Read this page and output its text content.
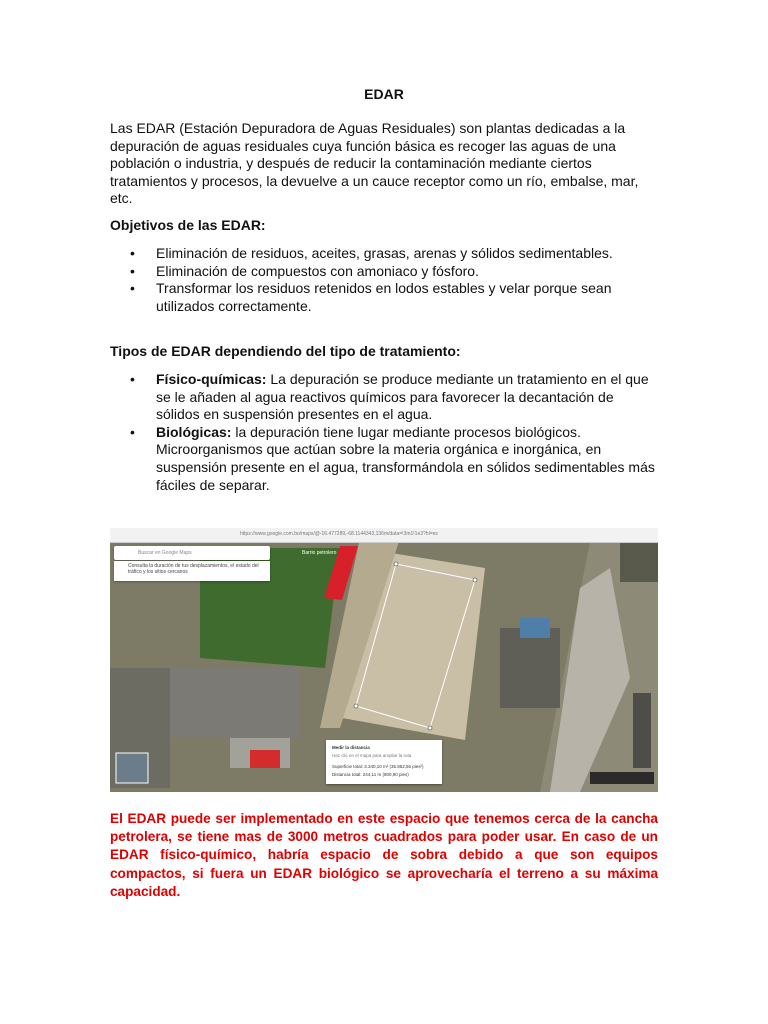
EDAR

Las EDAR (Estación Depuradora de Aguas Residuales) son plantas dedicadas a la depuración de aguas residuales cuya función básica es recoger las aguas de una población o industria, y después de reducir la contaminación mediante ciertos tratamientos y procesos, la devuelve a un cauce receptor como un río, embalse, mar, etc.

Objetivos de las EDAR:

• Eliminación de residuos, aceites, grasas, arenas y sólidos sedimentables.
• Eliminación de compuestos con amoniaco y fósforo.
• Transformar los residuos retenidos en lodos estables y velar porque sean utilizados correctamente.

Tipos de EDAR dependiendo del tipo de tratamiento:

• Físico-químicas: La depuración se produce mediante un tratamiento en el que se le añaden al agua reactivos químicos para favorecer la decantación de sólidos en suspensión presentes en el agua.
• Biológicas: la depuración tiene lugar mediante procesos biológicos. Microorganismos que actúan sobre la materia orgánica e inorgánica, en suspensión presente en el agua, transformándola en sólidos sedimentables más fáciles de separar.
https://www.google.com.bo/maps/@-16.477289,-68.1144343,136m/data=!3m1!1e3?hl=es
Buscar en Google Maps
Consulta la duración de tus desplazamientos, el estado del tráfico y los sitios cercanos
Barrio petrolero
Medir la distancia
Haz clic en el mapa para ampliar la ruta
Superficie total: 3.340,10 m² (35.952,56 pies²)
Distancia total: 244,11 m (800,90 pies)

El EDAR puede ser implementado en este espacio que tenemos cerca de la cancha petrolera, se tiene mas de 3000 metros cuadrados para poder usar. En caso de un EDAR físico-químico, habría espacio de sobra debido a que son equipos compactos, si fuera un EDAR biológico se aprovecharía el terreno a su máxima capacidad.
